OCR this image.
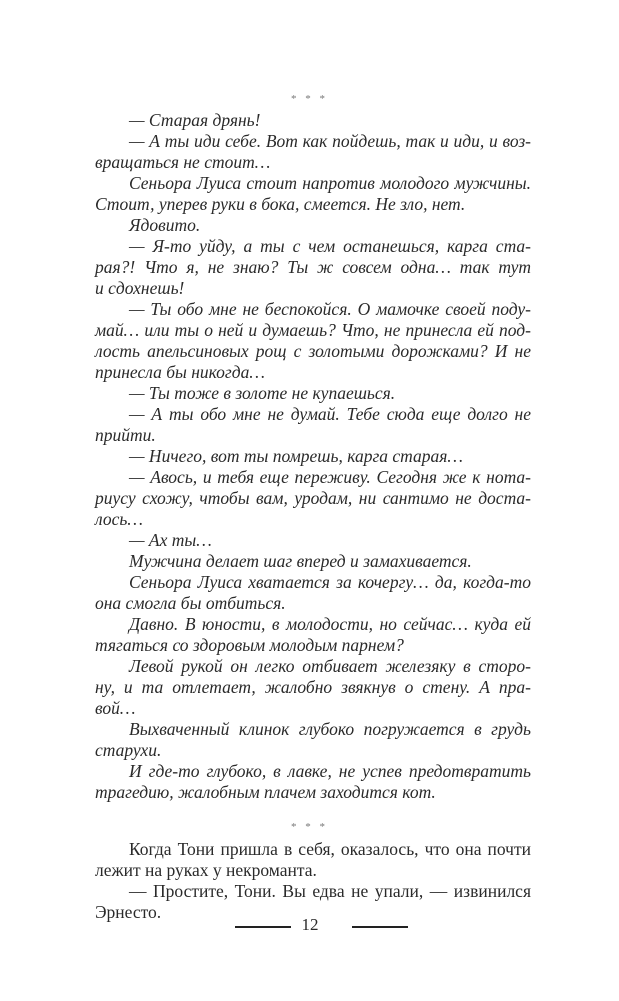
* * *
— Старая дрянь!
— А ты иди себе. Вот как пойдешь, так и иди, и воз-
вращаться не стоит…
Сеньора Луиса стоит напротив молодого мужчины.
Стоит, уперев руки в бока, смеется. Не зло, нет.
Ядовито.
— Я-то уйду, а ты с чем останешься, карга ста-
рая?! Что я, не знаю? Ты ж совсем одна… так тут
и сдохнешь!
— Ты обо мне не беспокойся. О мамочке своей поду-
май… или ты о ней и думаешь? Что, не принесла ей под-
лость апельсиновых рощ с золотыми дорожками? И не
принесла бы никогда…
— Ты тоже в золоте не купаешься.
— А ты обо мне не думай. Тебе сюда еще долго не
прийти.
— Ничего, вот ты помрешь, карга старая…
— Авось, и тебя еще переживу. Сегодня же к нота-
риусу схожу, чтобы вам, уродам, ни сантимо не доста-
лось…
— Ах ты…
Мужчина делает шаг вперед и замахивается.
Сеньора Луиса хватается за кочергу… да, когда-то
она смогла бы отбиться.
Давно. В юности, в молодости, но сейчас… куда ей
тягаться со здоровым молодым парнем?
Левой рукой он легко отбивает железяку в сторо-
ну, и та отлетает, жалобно звякнув о стену. А пра-
вой…
Выхваченный клинок глубоко погружается в грудь
старухи.
И где-то глубоко, в лавке, не успев предотвратить
трагедию, жалобным плачем заходится кот.
* * *
Когда Тони пришла в себя, оказалось, что она почти
лежит на руках у некроманта.
— Простите, Тони. Вы едва не упали, — извинился
Эрнесто.
12
